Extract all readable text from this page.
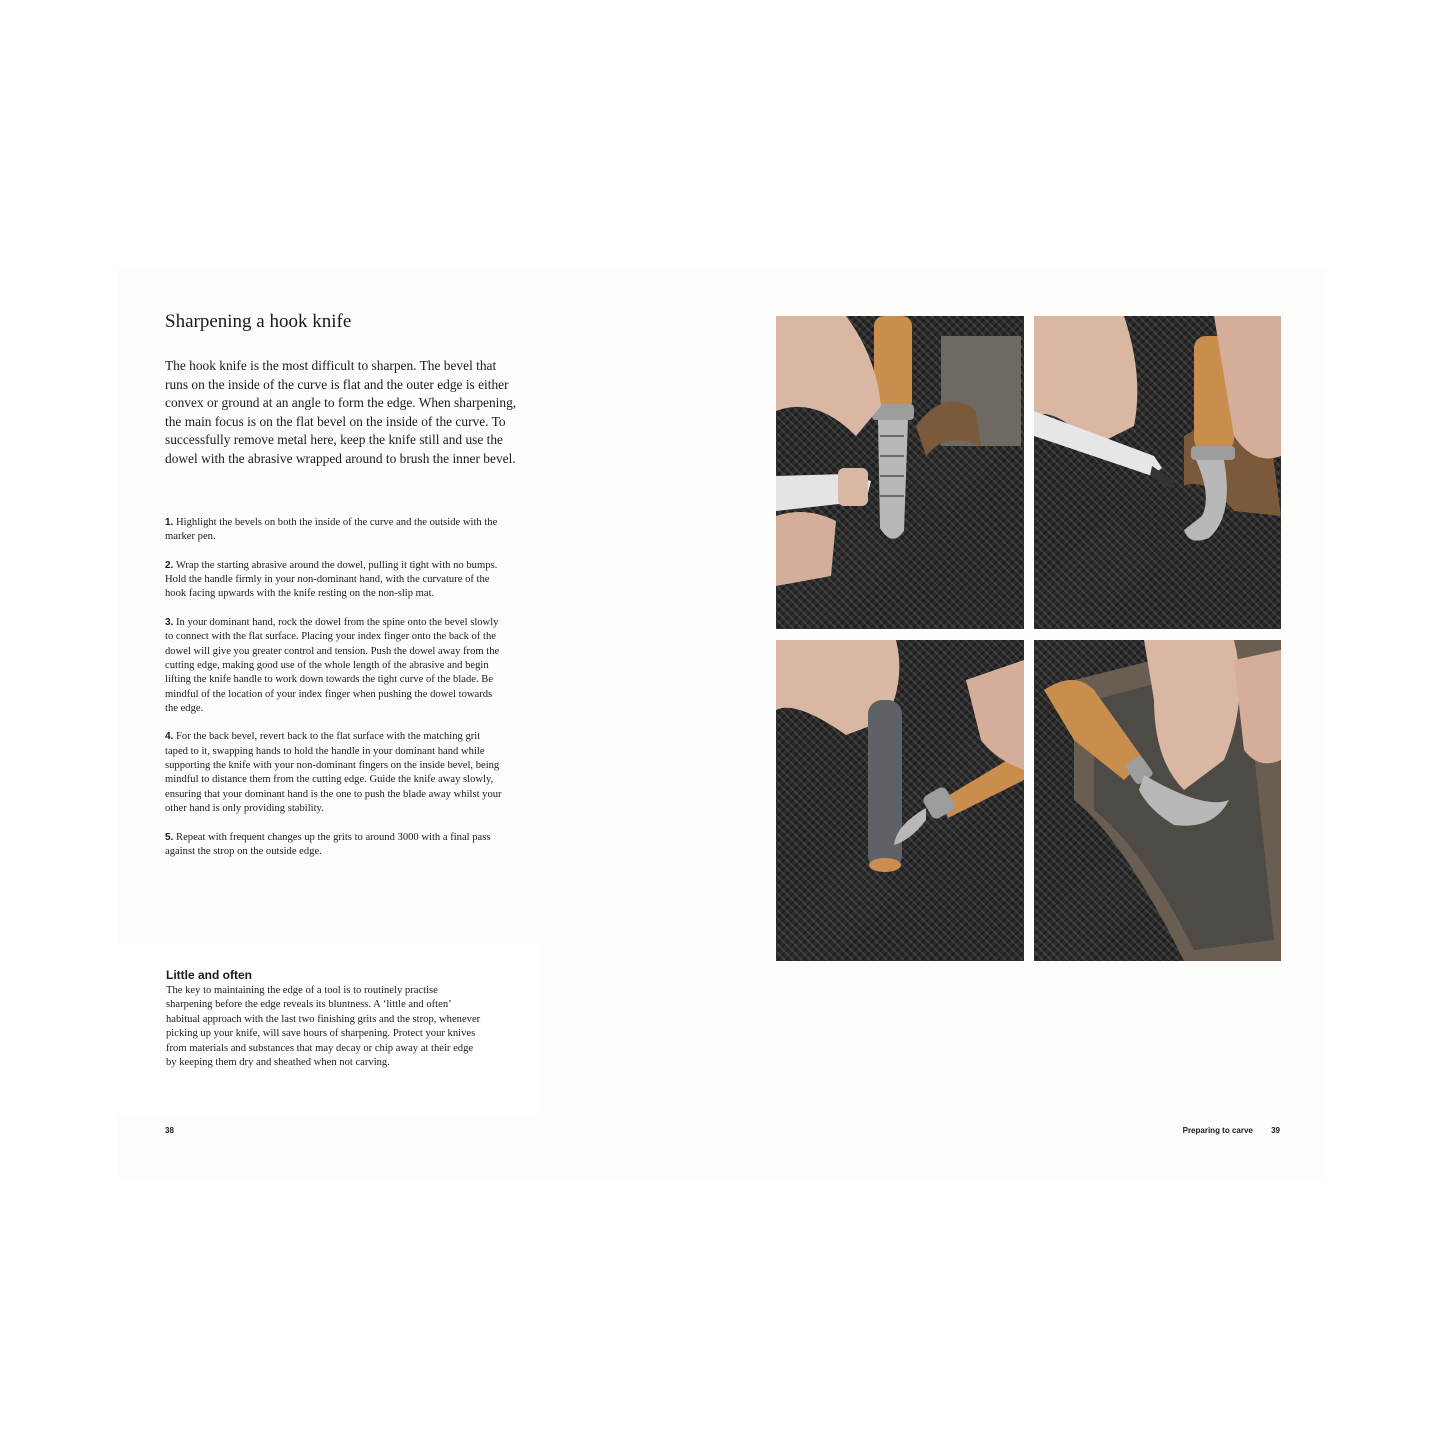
Sharpening a hook knife

The hook knife is the most difficult to sharpen. The bevel that runs on the inside of the curve is flat and the outer edge is either convex or ground at an angle to form the edge. When sharpening, the main focus is on the flat bevel on the inside of the curve. To successfully remove metal here, keep the knife still and use the dowel with the abrasive wrapped around to brush the inner bevel.

1. Highlight the bevels on both the inside of the curve and the outside with the marker pen.

2. Wrap the starting abrasive around the dowel, pulling it tight with no bumps. Hold the handle firmly in your non-dominant hand, with the curvature of the hook facing upwards with the knife resting on the non-slip mat.

3. In your dominant hand, rock the dowel from the spine onto the bevel slowly to connect with the flat surface. Placing your index finger onto the back of the dowel will give you greater control and tension. Push the dowel away from the cutting edge, making good use of the whole length of the abrasive and begin lifting the knife handle to work down towards the tight curve of the blade. Be mindful of the location of your index finger when pushing the dowel towards the edge.

4. For the back bevel, revert back to the flat surface with the matching grit taped to it, swapping hands to hold the handle in your dominant hand while supporting the knife with your non-dominant fingers on the inside bevel, being mindful to distance them from the cutting edge. Guide the knife away slowly, ensuring that your dominant hand is the one to push the blade away whilst your other hand is only providing stability.

5. Repeat with frequent changes up the grits to around 3000 with a final pass against the strop on the outside edge.

Little and often

The key to maintaining the edge of a tool is to routinely practise sharpening before the edge reveals its bluntness. A ‘little and often’ habitual approach with the last two finishing grits and the strop, whenever picking up your knife, will save hours of sharpening. Protect your knives from materials and substances that may decay or chip away at their edge by keeping them dry and sheathed when not carving.

38	Preparing to carve 39
